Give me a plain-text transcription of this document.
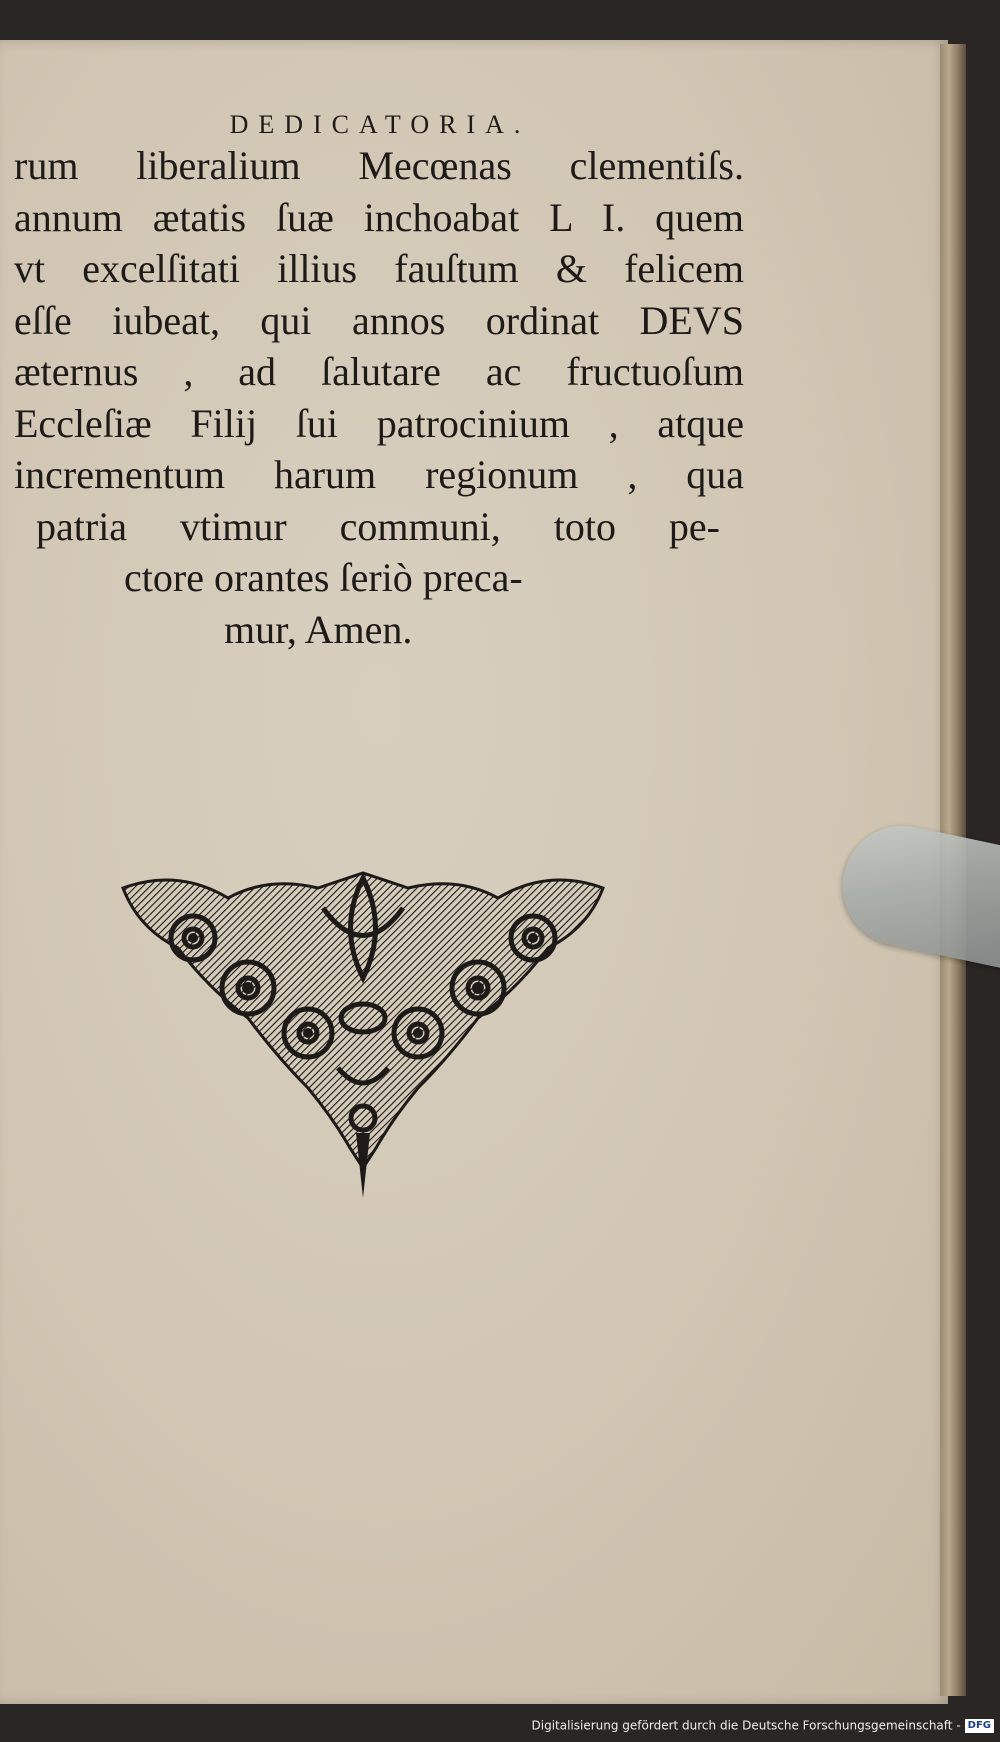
DEDICATORIA.
rum liberalium Mecœnas clementiſs.
annum ætatis ſuæ inchoabat L I. quem
vt excelſitati illius fauſtum & felicem
eſſe iubeat, qui annos ordinat DEVS
æternus , ad ſalutare ac fructuoſum
Eccleſiæ Filij ſui patrocinium , atque
incrementum harum regionum , qua
patria vtimur communi, toto pe-
ctore orantes ſeriò preca-
mur, Amen.
Digitalisierung gefördert durch die Deutsche Forschungsgemeinschaft - DFG
